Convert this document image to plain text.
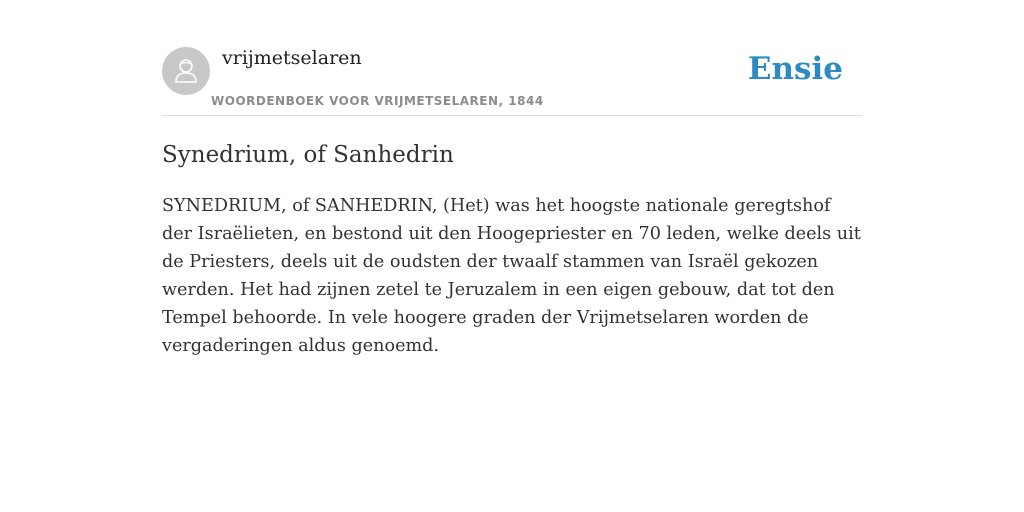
vrijmetselaren
WOORDENBOEK VOOR VRIJMETSELAREN, 1844
Ensie
Synedrium, of Sanhedrin

SYNEDRIUM, of SANHEDRIN, (Het) was het hoogste nationale geregtshof der Israëlieten, en bestond uit den Hoogepriester en 70 leden, welke deels uit de Priesters, deels uit de oudsten der twaalf stammen van Israël gekozen werden. Het had zijnen zetel te Jeruzalem in een eigen gebouw, dat tot den Tempel behoorde. In vele hoogere graden der Vrijmetselaren worden de vergaderingen aldus genoemd.
